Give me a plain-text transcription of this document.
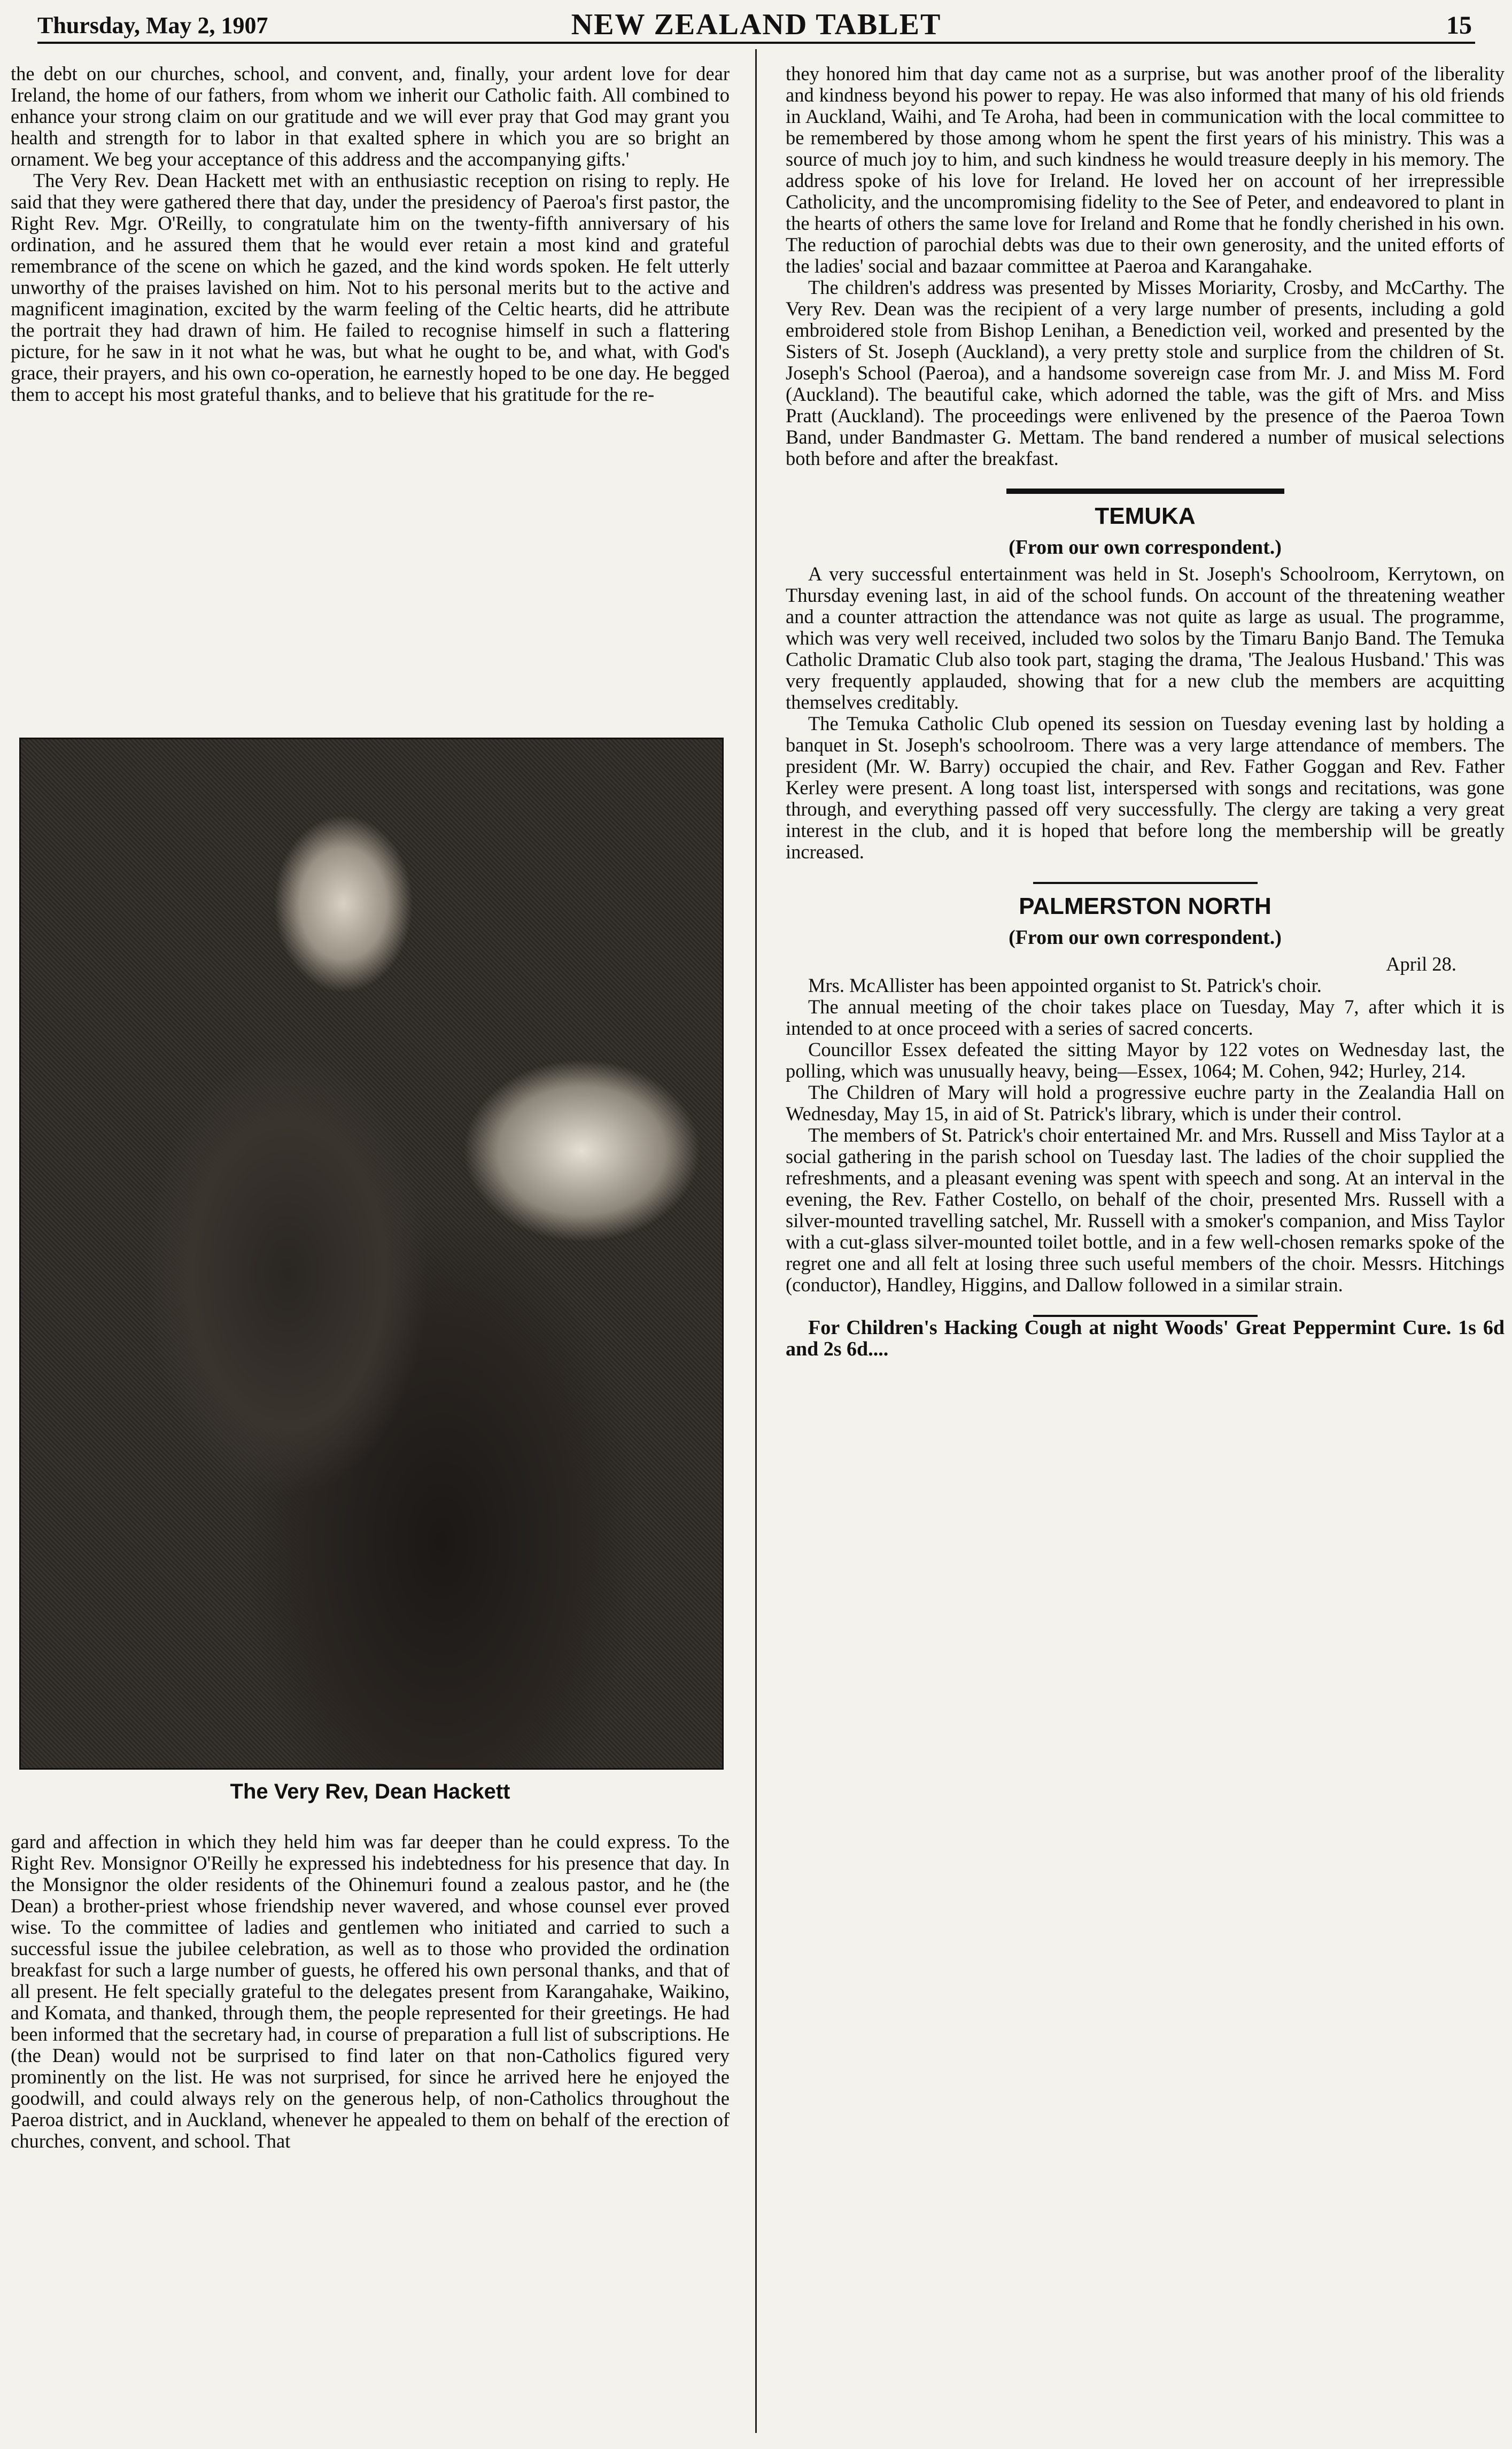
Thursday, May 2, 1907	NEW ZEALAND TABLET	15

the debt on our churches, school, and convent, and, finally, your ardent love for dear Ireland, the home of our fathers, from whom we inherit our Catholic faith. All combined to enhance your strong claim on our gratitude and we will ever pray that God may grant you health and strength for to labor in that exalted sphere in which you are so bright an ornament. We beg your acceptance of this address and the accompanying gifts.'

The Very Rev. Dean Hackett met with an enthusiastic reception on rising to reply. He said that they were gathered there that day, under the presidency of Paeroa's first pastor, the Right Rev. Mgr. O'Reilly, to congratulate him on the twenty-fifth anniversary of his ordination, and he assured them that he would ever retain a most kind and grateful remembrance of the scene on which he gazed, and the kind words spoken. He felt utterly unworthy of the praises lavished on him. Not to his personal merits but to the active and magnificent imagination, excited by the warm feeling of the Celtic hearts, did he attribute the portrait they had drawn of him. He failed to recognise himself in such a flattering picture, for he saw in it not what he was, but what he ought to be, and what, with God's grace, their prayers, and his own co-operation, he earnestly hoped to be one day. He begged them to accept his most grateful thanks, and to believe that his gratitude for the re-

The Very Rev, Dean Hackett

gard and affection in which they held him was far deeper than he could express. To the Right Rev. Monsignor O'Reilly he expressed his indebtedness for his presence that day. In the Monsignor the older residents of the Ohinemuri found a zealous pastor, and he (the Dean) a brother-priest whose friendship never wavered, and whose counsel ever proved wise. To the committee of ladies and gentlemen who initiated and carried to such a successful issue the jubilee celebration, as well as to those who provided the ordination breakfast for such a large number of guests, he offered his own personal thanks, and that of all present. He felt specially grateful to the delegates present from Karangahake, Waikino, and Komata, and thanked, through them, the people represented for their greetings. He had been informed that the secretary had, in course of preparation a full list of subscriptions. He (the Dean) would not be surprised to find later on that non-Catholics figured very prominently on the list. He was not surprised, for since he arrived here he enjoyed the goodwill, and could always rely on the generous help, of non-Catholics throughout the Paeroa district, and in Auckland, whenever he appealed to them on behalf of the erection of churches, convent, and school. That

they honored him that day came not as a surprise, but was another proof of the liberality and kindness beyond his power to repay. He was also informed that many of his old friends in Auckland, Waihi, and Te Aroha, had been in communication with the local committee to be remembered by those among whom he spent the first years of his ministry. This was a source of much joy to him, and such kindness he would treasure deeply in his memory. The address spoke of his love for Ireland. He loved her on account of her irrepressible Catholicity, and the uncompromising fidelity to the See of Peter, and endeavored to plant in the hearts of others the same love for Ireland and Rome that he fondly cherished in his own. The reduction of parochial debts was due to their own generosity, and the united efforts of the ladies' social and bazaar committee at Paeroa and Karangahake.

The children's address was presented by Misses Moriarity, Crosby, and McCarthy. The Very Rev. Dean was the recipient of a very large number of presents, including a gold embroidered stole from Bishop Lenihan, a Benediction veil, worked and presented by the Sisters of St. Joseph (Auckland), a very pretty stole and surplice from the children of St. Joseph's School (Paeroa), and a handsome sovereign case from Mr. J. and Miss M. Ford (Auckland). The beautiful cake, which adorned the table, was the gift of Mrs. and Miss Pratt (Auckland). The proceedings were enlivened by the presence of the Paeroa Town Band, under Bandmaster G. Mettam. The band rendered a number of musical selections both before and after the breakfast.

TEMUKA
(From our own correspondent.)

A very successful entertainment was held in St. Joseph's Schoolroom, Kerrytown, on Thursday evening last, in aid of the school funds. On account of the threatening weather and a counter attraction the attendance was not quite as large as usual. The programme, which was very well received, included two solos by the Timaru Banjo Band. The Temuka Catholic Dramatic Club also took part, staging the drama, 'The Jealous Husband.' This was very frequently applauded, showing that for a new club the members are acquitting themselves creditably.

The Temuka Catholic Club opened its session on Tuesday evening last by holding a banquet in St. Joseph's schoolroom. There was a very large attendance of members. The president (Mr. W. Barry) occupied the chair, and Rev. Father Goggan and Rev. Father Kerley were present. A long toast list, interspersed with songs and recitations, was gone through, and everything passed off very successfully. The clergy are taking a very great interest in the club, and it is hoped that before long the membership will be greatly increased.

PALMERSTON NORTH
(From our own correspondent.)

April 28.

Mrs. McAllister has been appointed organist to St. Patrick's choir.

The annual meeting of the choir takes place on Tuesday, May 7, after which it is intended to at once proceed with a series of sacred concerts.

Councillor Essex defeated the sitting Mayor by 122 votes on Wednesday last, the polling, which was unusually heavy, being—Essex, 1064; M. Cohen, 942; Hurley, 214.

The Children of Mary will hold a progressive euchre party in the Zealandia Hall on Wednesday, May 15, in aid of St. Patrick's library, which is under their control.

The members of St. Patrick's choir entertained Mr. and Mrs. Russell and Miss Taylor at a social gathering in the parish school on Tuesday last. The ladies of the choir supplied the refreshments, and a pleasant evening was spent with speech and song. At an interval in the evening, the Rev. Father Costello, on behalf of the choir, presented Mrs. Russell with a silver-mounted travelling satchel, Mr. Russell with a smoker's companion, and Miss Taylor with a cut-glass silver-mounted toilet bottle, and in a few well-chosen remarks spoke of the regret one and all felt at losing three such useful members of the choir. Messrs. Hitchings (conductor), Handley, Higgins, and Dallow followed in a similar strain.

For Children's Hacking Cough at night Woods' Great Peppermint Cure. 1s 6d and 2s 6d....
